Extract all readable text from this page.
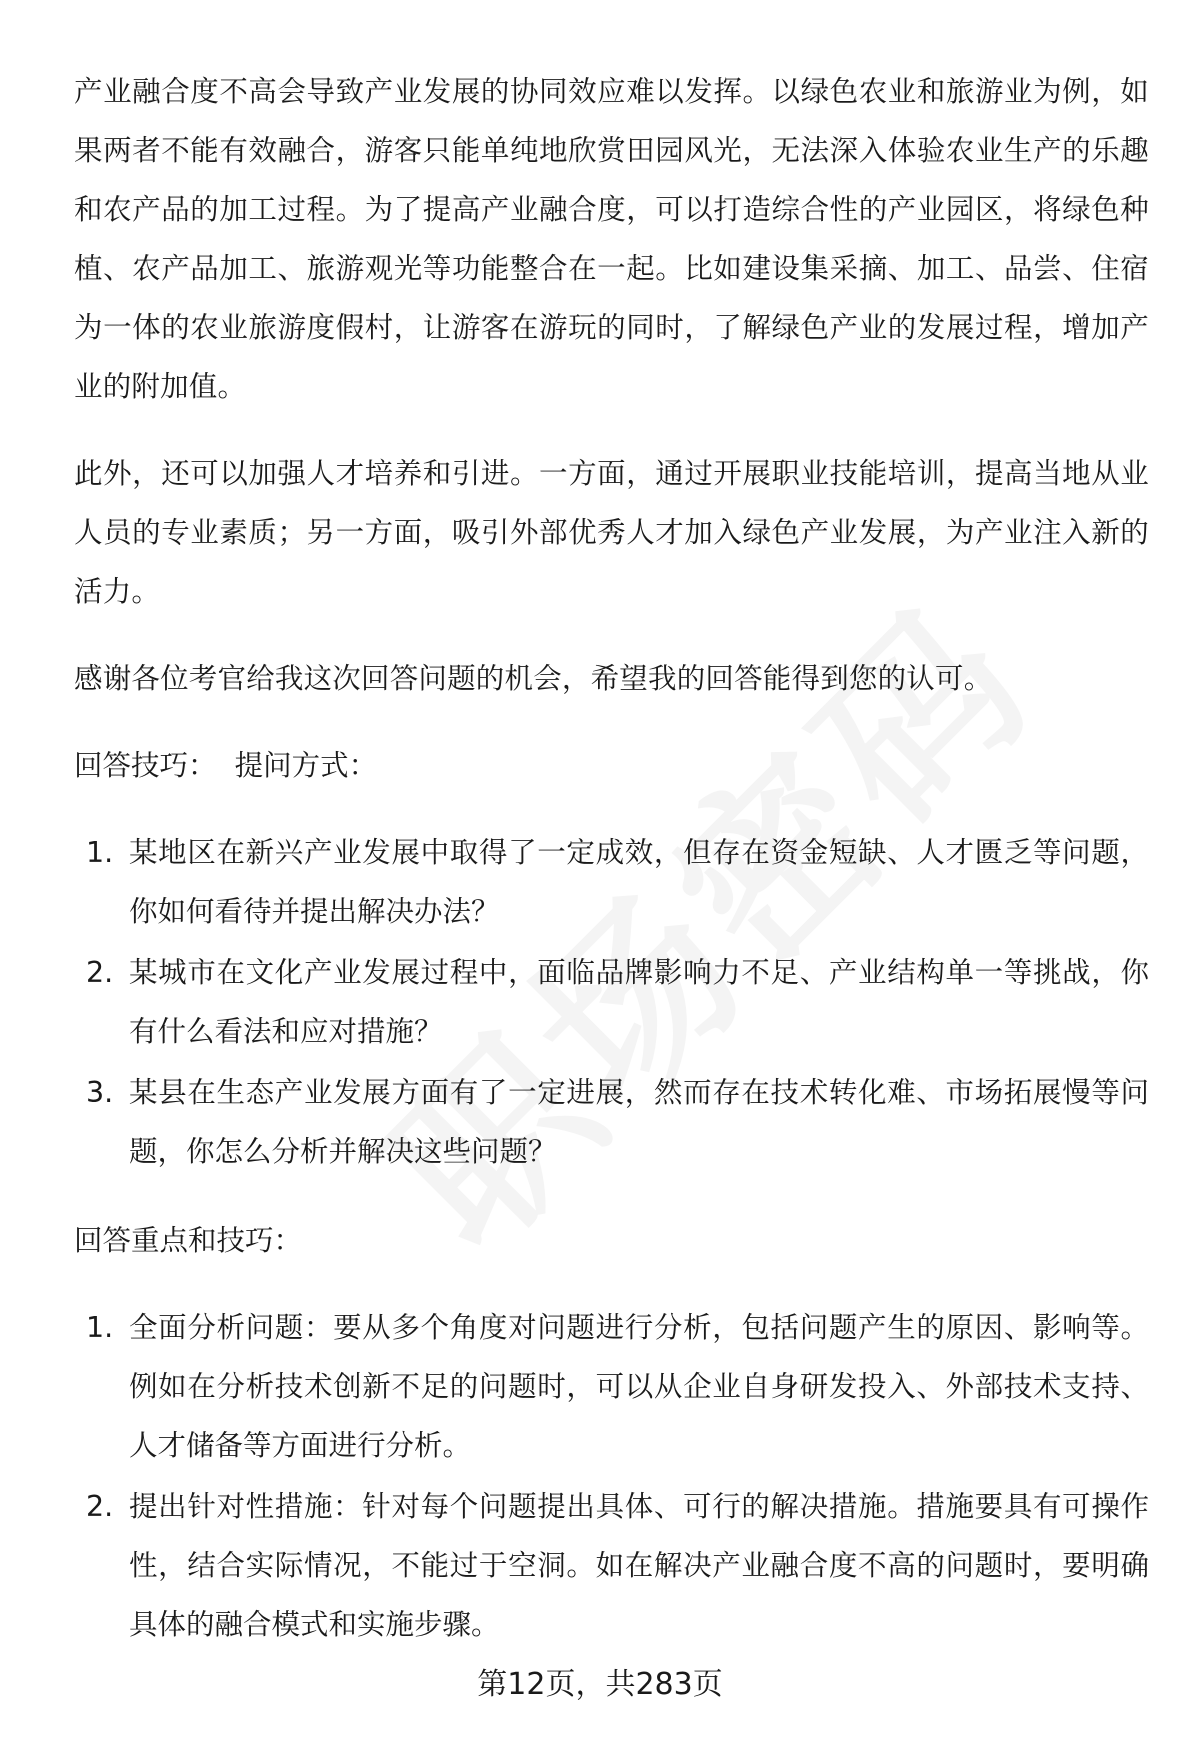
产业融合度不高会导致产业发展的协同效应难以发挥。以绿色农业和旅游业为例，如果两者不能有效融合，游客只能单纯地欣赏田园风光，无法深入体验农业生产的乐趣和农产品的加工过程。为了提高产业融合度，可以打造综合性的产业园区，将绿色种植、农产品加工、旅游观光等功能整合在一起。比如建设集采摘、加工、品尝、住宿为一体的农业旅游度假村，让游客在游玩的同时，了解绿色产业的发展过程，增加产业的附加值。

此外，还可以加强人才培养和引进。一方面，通过开展职业技能培训，提高当地从业人员的专业素质；另一方面，吸引外部优秀人才加入绿色产业发展，为产业注入新的活力。

感谢各位考官给我这次回答问题的机会，希望我的回答能得到您的认可。

回答技巧：  提问方式：
1. 某地区在新兴产业发展中取得了一定成效，但存在资金短缺、人才匮乏等问题，你如何看待并提出解决办法？
2. 某城市在文化产业发展过程中，面临品牌影响力不足、产业结构单一等挑战，你有什么看法和应对措施？
3. 某县在生态产业发展方面有了一定进展，然而存在技术转化难、市场拓展慢等问题，你怎么分析并解决这些问题？
回答重点和技巧：
1. 全面分析问题：要从多个角度对问题进行分析，包括问题产生的原因、影响等。例如在分析技术创新不足的问题时，可以从企业自身研发投入、外部技术支持、人才储备等方面进行分析。
2. 提出针对性措施：针对每个问题提出具体、可行的解决措施。措施要具有可操作性，结合实际情况，不能过于空洞。如在解决产业融合度不高的问题时，要明确具体的融合模式和实施步骤。
第12页，共283页
